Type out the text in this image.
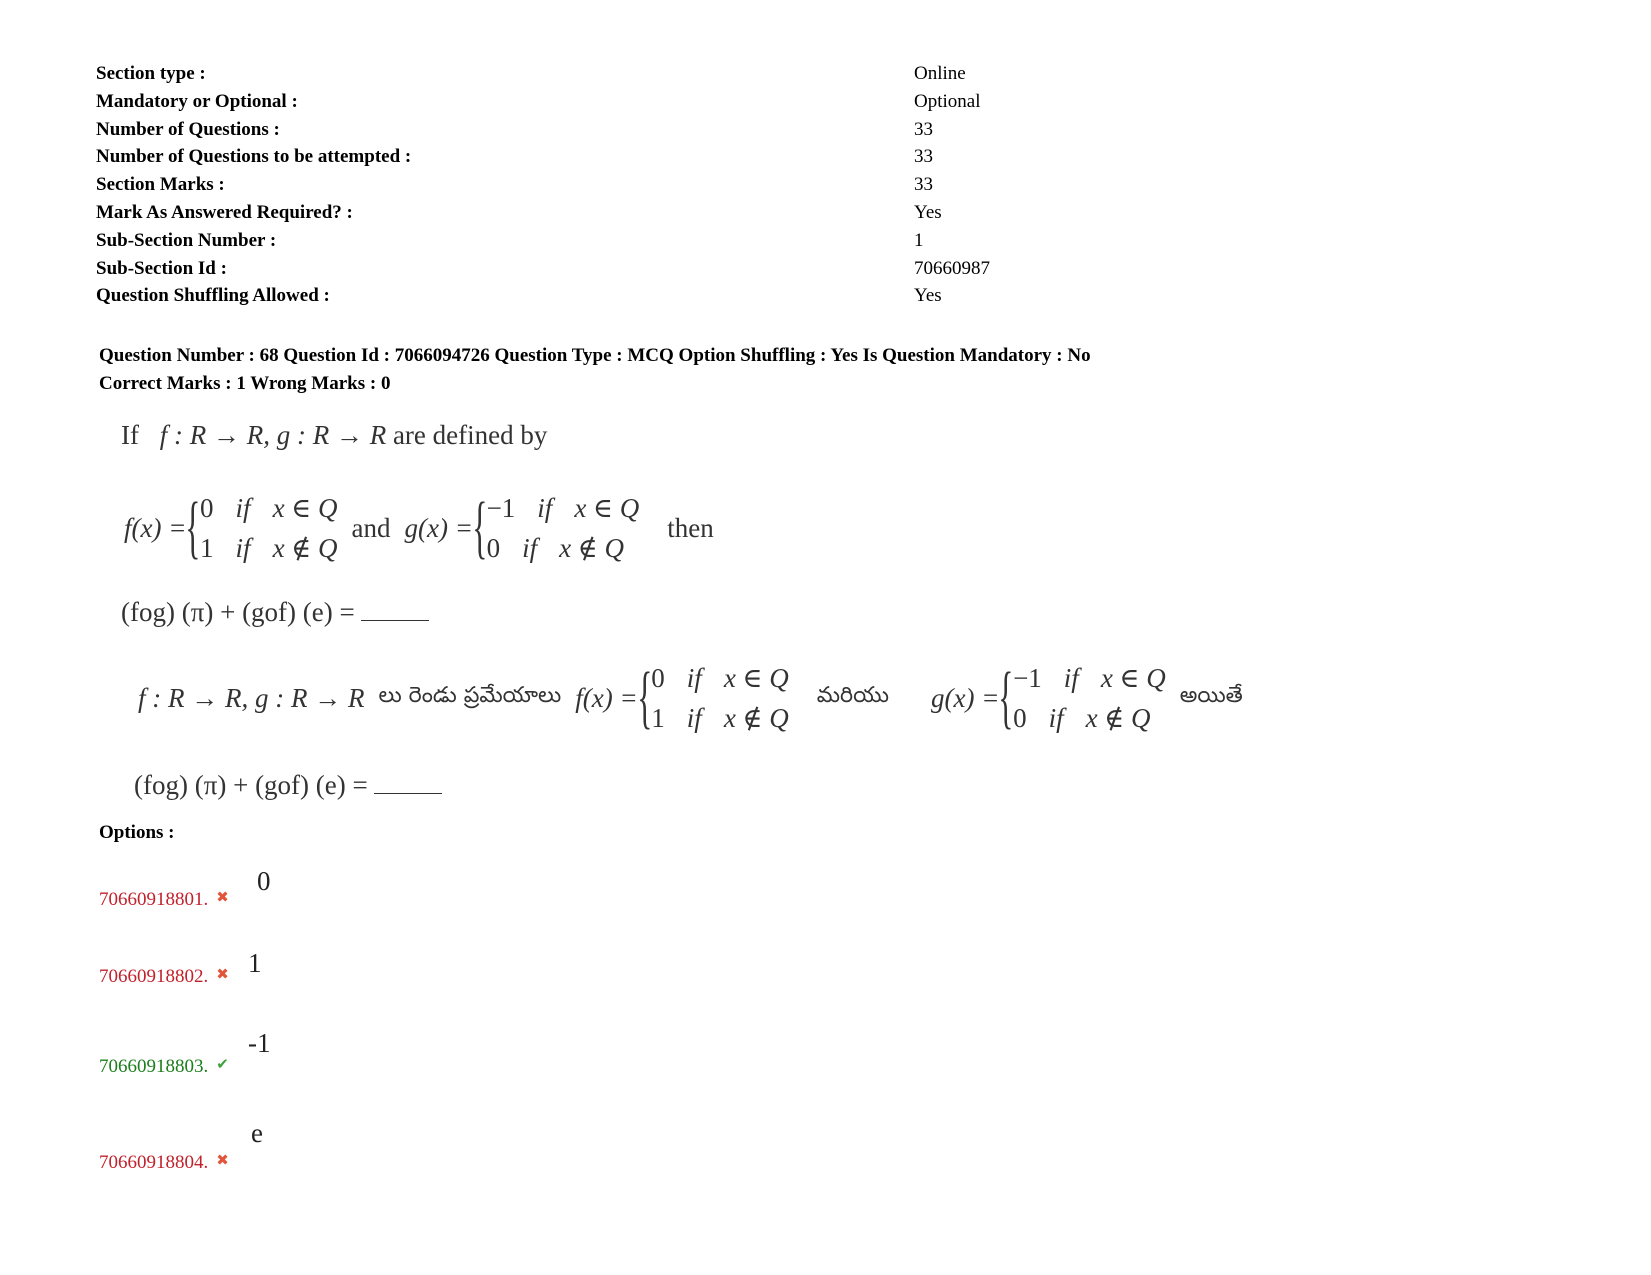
Section type :	Online
Mandatory or Optional :	Optional
Number of Questions :	33
Number of Questions to be attempted :	33
Section Marks :	33
Mark As Answered Required? :	Yes
Sub-Section Number :	1
Sub-Section Id :	70660987
Question Shuffling Allowed :	Yes
Question Number : 68 Question Id : 7066094726 Question Type : MCQ Option Shuffling : Yes Is Question Mandatory : No
Correct Marks : 1 Wrong Marks : 0
If f : R → R, g : R → R are defined by
f(x) = { 0 if x ∈ Q
1 if x ∉ Q
and g(x) = { −1 if x ∈ Q
0 if x ∉ Q
then
(fog) (π) + (gof) (e) =
f : R → R, g : R → R లు రెండు ప్రమేయాలు f(x) = { 0 if x ∈ Q
1 if x ∉ Q
మరియు g(x) = { −1 if x ∈ Q
0 if x ∉ Q
అయితే
(fog) (π) + (gof) (e) =
Options :
70660918801. ✖
0
70660918802. ✖ 1
70660918803. ✔
-1
70660918804. ✖
e
